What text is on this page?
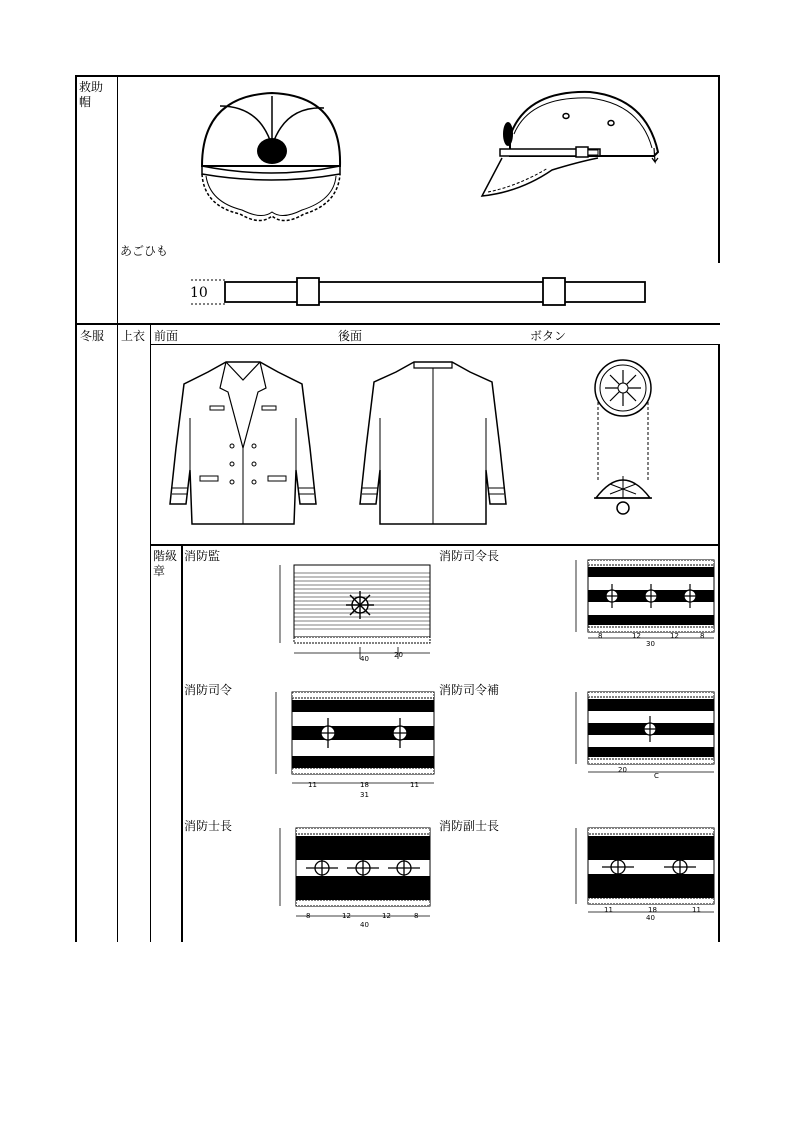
救助帽
あごひも
10
冬服 上衣 前面	後面	ボタン
階級章
消防監	消防司令長
消防司令	消防司令補
消防士長	消防副士長
40	20
30
11	18	11
31
20
C
8	12	12	8
40
11	18	11
40
8	12	12	8
